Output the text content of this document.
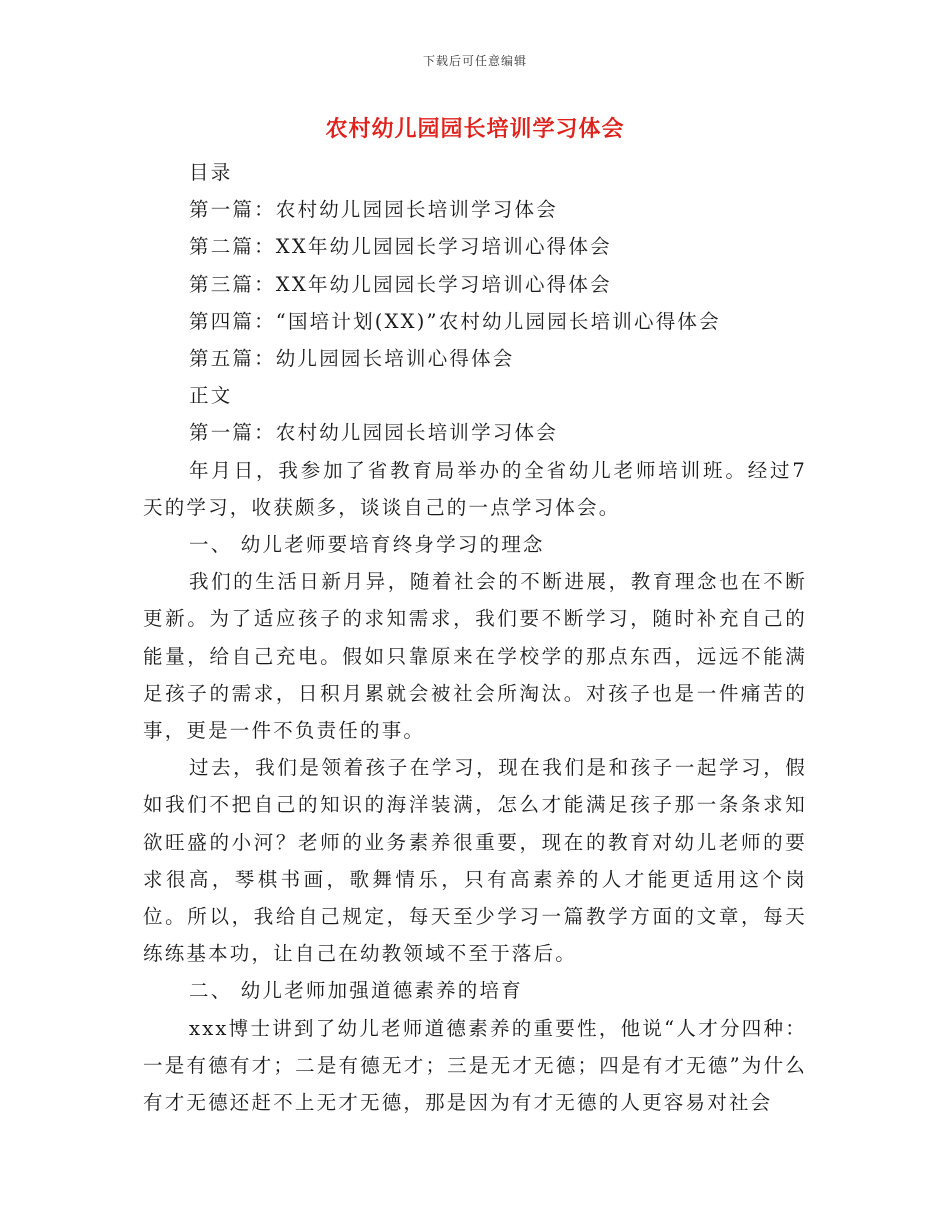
下载后可任意编辑
农村幼儿园园长培训学习体会

目录

第一篇：农村幼儿园园长培训学习体会

第二篇：XX年幼儿园园长学习培训心得体会

第三篇：XX年幼儿园园长学习培训心得体会

第四篇：“国培计划(XX)”农村幼儿园园长培训心得体会

第五篇：幼儿园园长培训心得体会

正文

第一篇：农村幼儿园园长培训学习体会

年月日，我参加了省教育局举办的全省幼儿老师培训班。经过7天的学习，收获颇多，谈谈自己的一点学习体会。

一、 幼儿老师要培育终身学习的理念

我们的生活日新月异，随着社会的不断进展，教育理念也在不断更新。为了适应孩子的求知需求，我们要不断学习，随时补充自己的能量，给自己充电。假如只靠原来在学校学的那点东西，远远不能满足孩子的需求，日积月累就会被社会所淘汰。对孩子也是一件痛苦的事，更是一件不负责任的事。

过去，我们是领着孩子在学习，现在我们是和孩子一起学习，假如我们不把自己的知识的海洋装满，怎么才能满足孩子那一条条求知欲旺盛的小河？老师的业务素养很重要，现在的教育对幼儿老师的要求很高，琴棋书画，歌舞情乐，只有高素养的人才能更适用这个岗位。所以，我给自己规定，每天至少学习一篇教学方面的文章，每天练练基本功，让自己在幼教领域不至于落后。

二、 幼儿老师加强道德素养的培育

xxx博士讲到了幼儿老师道德素养的重要性，他说“人才分四种：一是有德有才；二是有德无才；三是无才无德；四是有才无德”为什么有才无德还赶不上无才无德，那是因为有才无德的人更容易对社会
